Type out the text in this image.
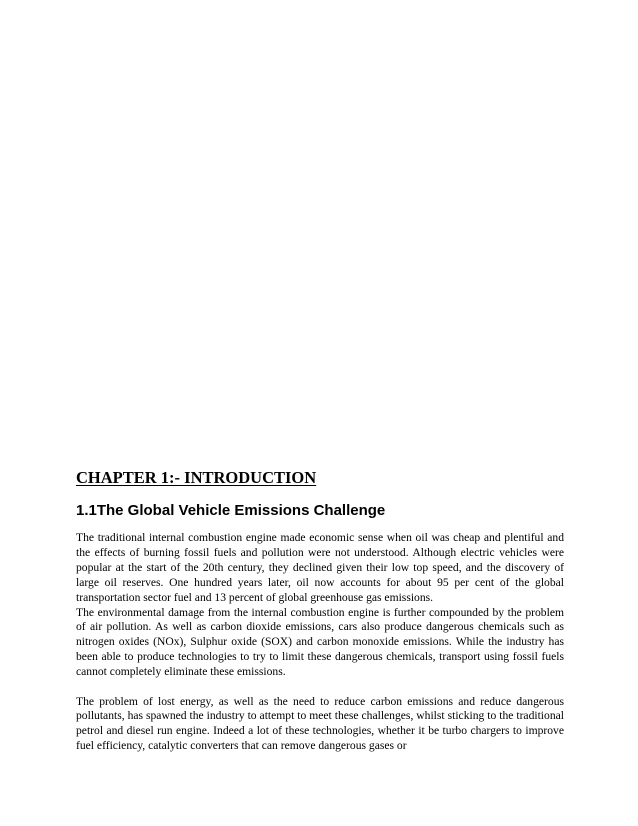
CHAPTER 1:- INTRODUCTION
1.1The Global Vehicle Emissions Challenge

The traditional internal combustion engine made economic sense when oil was cheap and plentiful and the effects of burning fossil fuels and pollution were not understood. Although electric vehicles were popular at the start of the 20th century, they declined given their low top speed, and the discovery of large oil reserves. One hundred years later, oil now accounts for about 95 per cent of the global transportation sector fuel and 13 percent of global greenhouse gas emissions.

The environmental damage from the internal combustion engine is further compounded by the problem of air pollution. As well as carbon dioxide emissions, cars also produce dangerous chemicals such as nitrogen oxides (NOx), Sulphur oxide (SOX) and carbon monoxide emissions. While the industry has been able to produce technologies to try to limit these dangerous chemicals, transport using fossil fuels cannot completely eliminate these emissions.

The problem of lost energy, as well as the need to reduce carbon emissions and reduce dangerous pollutants, has spawned the industry to attempt to meet these challenges, whilst sticking to the traditional petrol and diesel run engine. Indeed a lot of these technologies, whether it be turbo chargers to improve fuel efficiency, catalytic converters that can remove dangerous gases or
